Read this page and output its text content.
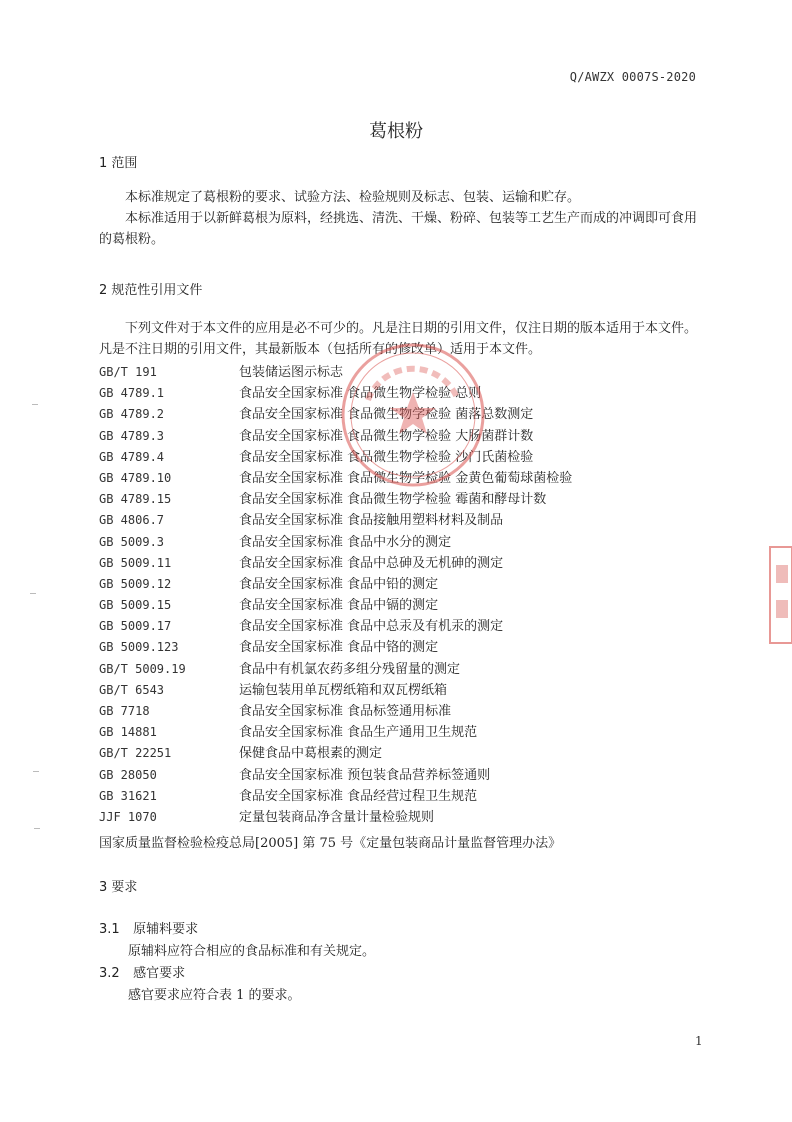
Q/AWZX 0007S-2020
葛根粉
1 范围

本标准规定了葛根粉的要求、试验方法、检验规则及标志、包装、运输和贮存。

本标准适用于以新鲜葛根为原料，经挑选、清洗、干燥、粉碎、包装等工艺生产而成的冲调即可食用的葛根粉。

2 规范性引用文件

下列文件对于本文件的应用是必不可少的。凡是注日期的引用文件，仅注日期的版本适用于本文件。凡是不注日期的引用文件，其最新版本（包括所有的修改单）适用于本文件。

GB/T 191	包装储运图示标志
GB 4789.1	食品安全国家标准 食品微生物学检验 总则
GB 4789.2	食品安全国家标准 食品微生物学检验 菌落总数测定
GB 4789.3	食品安全国家标准 食品微生物学检验 大肠菌群计数
GB 4789.4	食品安全国家标准 食品微生物学检验 沙门氏菌检验
GB 4789.10	食品安全国家标准 食品微生物学检验 金黄色葡萄球菌检验
GB 4789.15	食品安全国家标准 食品微生物学检验 霉菌和酵母计数
GB 4806.7	食品安全国家标准 食品接触用塑料材料及制品
GB 5009.3	食品安全国家标准 食品中水分的测定
GB 5009.11	食品安全国家标准 食品中总砷及无机砷的测定
GB 5009.12	食品安全国家标准 食品中铅的测定
GB 5009.15	食品安全国家标准 食品中镉的测定
GB 5009.17	食品安全国家标准 食品中总汞及有机汞的测定
GB 5009.123	食品安全国家标准 食品中铬的测定
GB/T 5009.19	食品中有机氯农药多组分残留量的测定
GB/T 6543	运输包装用单瓦楞纸箱和双瓦楞纸箱
GB 7718	食品安全国家标准 食品标签通用标准
GB 14881	食品安全国家标准 食品生产通用卫生规范
GB/T 22251	保健食品中葛根素的测定
GB 28050	食品安全国家标准 预包装食品营养标签通则
GB 31621	食品安全国家标准 食品经营过程卫生规范
JJF 1070	定量包装商品净含量计量检验规则
国家质量监督检验检疫总局[2005] 第 75 号《定量包装商品计量监督管理办法》
3 要求
3.1 原辅料要求
原辅料应符合相应的食品标准和有关规定。
3.2 感官要求
感官要求应符合表 1 的要求。
1
